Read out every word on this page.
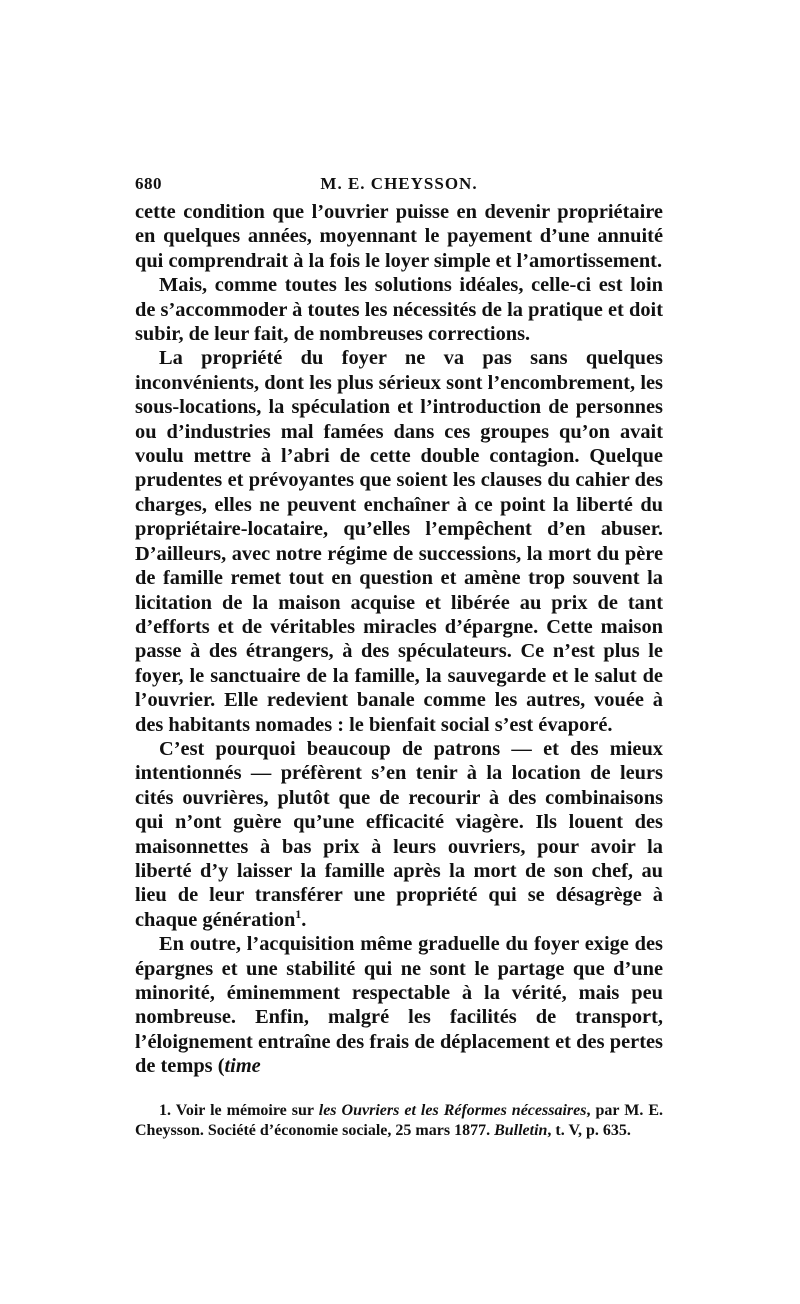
680	M. E. CHEYSSON.

cette condition que l’ouvrier puisse en devenir propriétaire en quelques années, moyennant le payement d’une annuité qui comprendrait à la fois le loyer simple et l’amortissement.

Mais, comme toutes les solutions idéales, celle-ci est loin de s’accommoder à toutes les nécessités de la pratique et doit subir, de leur fait, de nombreuses corrections.

La propriété du foyer ne va pas sans quelques inconvénients, dont les plus sérieux sont l’encombrement, les sous-locations, la spéculation et l’introduction de personnes ou d’industries mal famées dans ces groupes qu’on avait voulu mettre à l’abri de cette double contagion. Quelque prudentes et prévoyantes que soient les clauses du cahier des charges, elles ne peuvent enchaîner à ce point la liberté du propriétaire-locataire, qu’elles l’empêchent d’en abuser. D’ailleurs, avec notre régime de successions, la mort du père de famille remet tout en question et amène trop souvent la licitation de la maison acquise et libérée au prix de tant d’efforts et de véritables miracles d’épargne. Cette maison passe à des étrangers, à des spéculateurs. Ce n’est plus le foyer, le sanctuaire de la famille, la sauvegarde et le salut de l’ouvrier. Elle redevient banale comme les autres, vouée à des habitants nomades : le bienfait social s’est évaporé.

C’est pourquoi beaucoup de patrons — et des mieux intentionnés — préfèrent s’en tenir à la location de leurs cités ouvrières, plutôt que de recourir à des combinaisons qui n’ont guère qu’une efficacité viagère. Ils louent des maisonnettes à bas prix à leurs ouvriers, pour avoir la liberté d’y laisser la famille après la mort de son chef, au lieu de leur transférer une propriété qui se désagrège à chaque génération$^1$.

En outre, l’acquisition même graduelle du foyer exige des épargnes et une stabilité qui ne sont le partage que d’une minorité, éminemment respectable à la vérité, mais peu nombreuse. Enfin, malgré les facilités de transport, l’éloignement entraîne des frais de déplacement et des pertes de temps (time

1. Voir le mémoire sur les Ouvriers et les Réformes nécessaires, par M. E. Cheysson. Société d’économie sociale, 25 mars 1877. Bulletin, t. V, p. 635.
